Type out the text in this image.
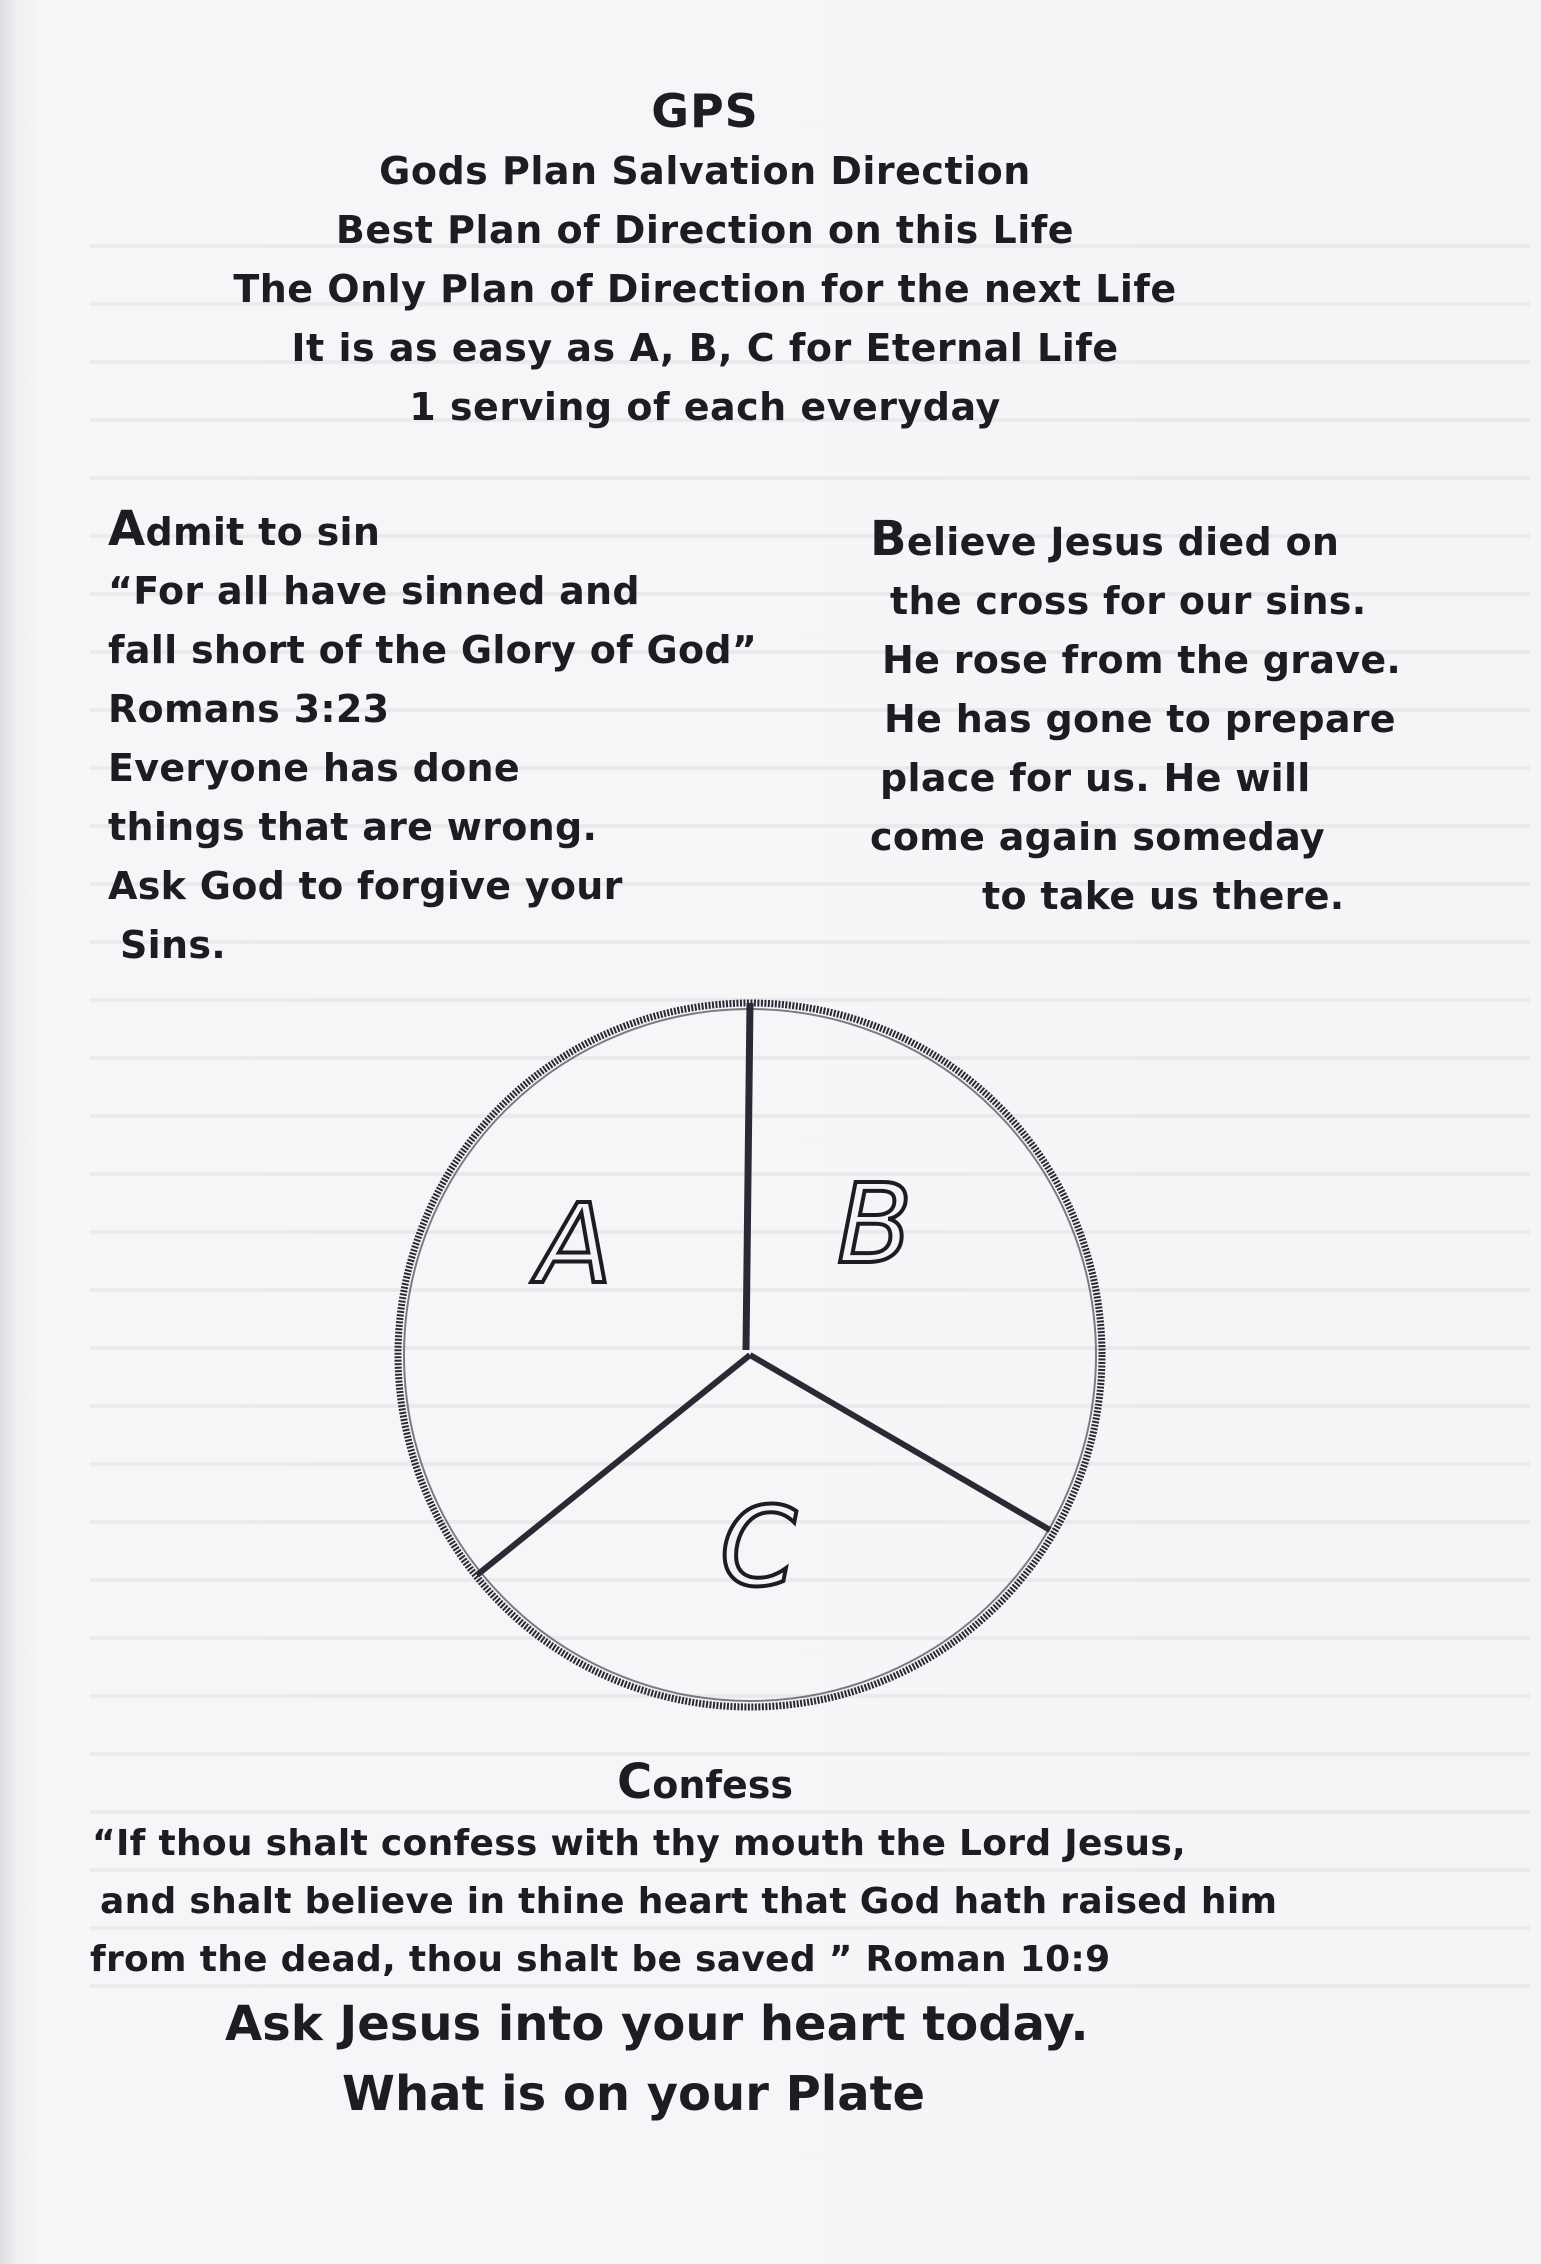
GPS
Gods Plan Salvation Direction
Best Plan of Direction on this Life
The Only Plan of Direction for the next Life
It is as easy as A, B, C for Eternal Life
1 serving of each everyday
Admit to sin
“For all have sinned and
fall short of the Glory of God”
Romans 3:23
Everyone has done
things that are wrong.
Ask God to forgive your
Sins.
Believe Jesus died on
the cross for our sins.
He rose from the grave.
He has gone to prepare
place for us. He will
come again someday
to take us there.
A B
C
Confess
“If thou shalt confess with thy mouth the Lord Jesus,
and shalt believe in thine heart that God hath raised him
from the dead, thou shalt be saved ” Roman 10:9
Ask Jesus into your heart today.
What is on your Plate
